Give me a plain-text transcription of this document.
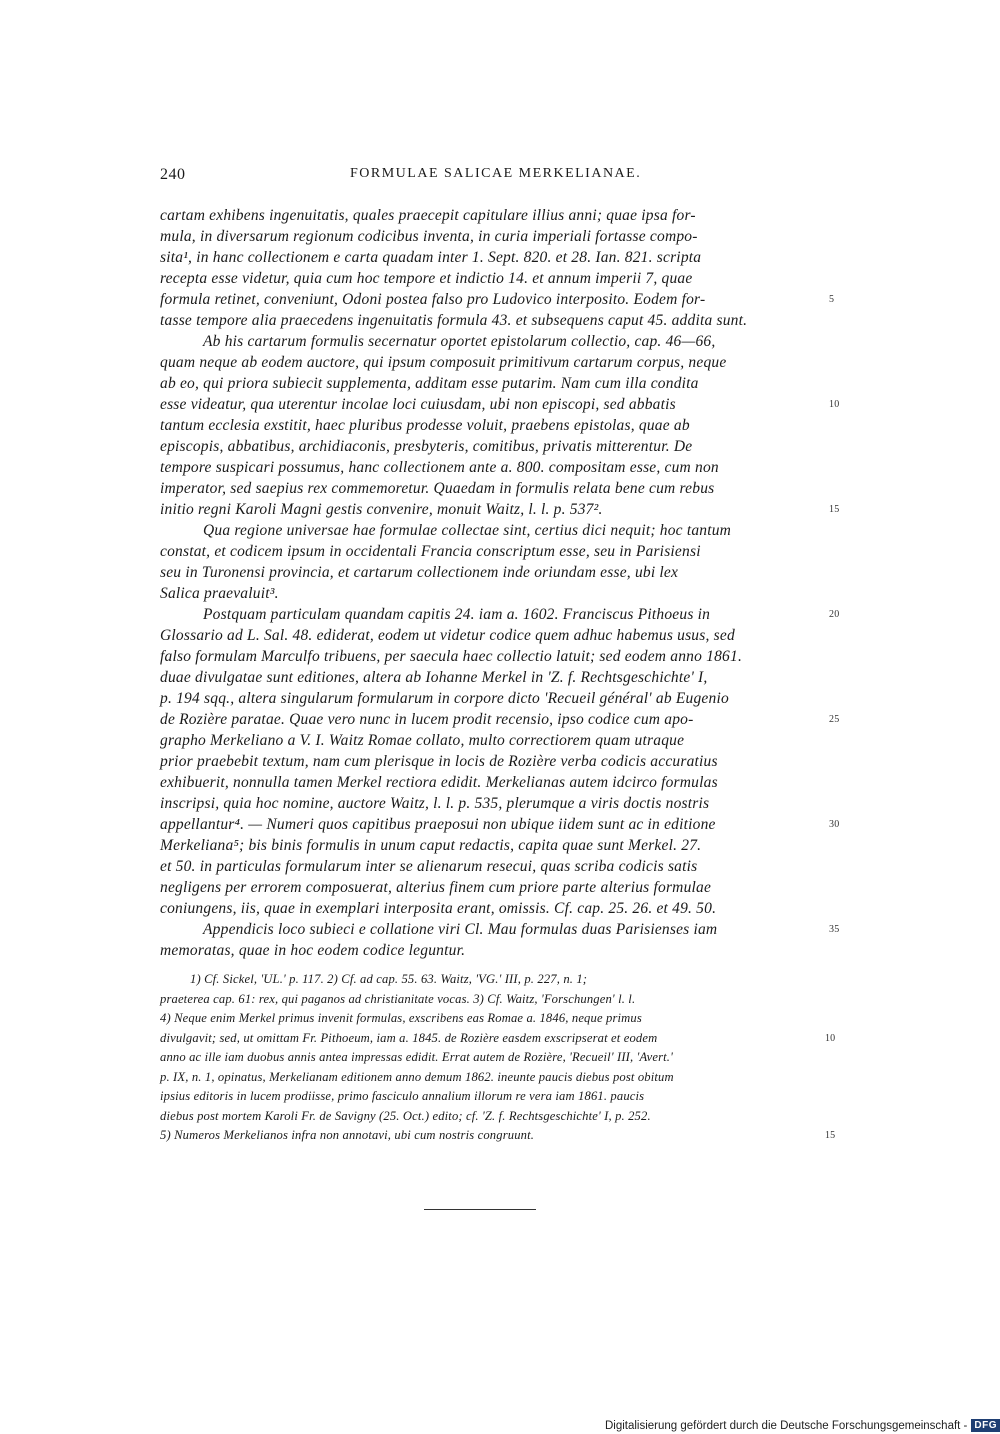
240	FORMULAE SALICAE MERKELIANAE.
cartam exhibens ingenuitatis, quales praecepit capitulare illius anni; quae ipsa for-
mula, in diversarum regionum codicibus inventa, in curia imperiali fortasse compo-
sita¹, in hanc collectionem e carta quadam inter 1. Sept. 820. et 28. Ian. 821. scripta
recepta esse videtur, quia cum hoc tempore et indictio 14. et annum imperii 7, quae
formula retinet, conveniunt, Odoni postea falso pro Ludovico interposito. Eodem for-	5
tasse tempore alia praecedens ingenuitatis formula 43. et subsequens caput 45. addita sunt.
Ab his cartarum formulis secernatur oportet epistolarum collectio, cap. 46—66,
quam neque ab eodem auctore, qui ipsum composuit primitivum cartarum corpus, neque
ab eo, qui priora subiecit supplementa, additam esse putarim. Nam cum illa condita
esse videatur, qua uterentur incolae loci cuiusdam, ubi non episcopi, sed abbatis	10
tantum ecclesia exstitit, haec pluribus prodesse voluit, praebens epistolas, quae ab
episcopis, abbatibus, archidiaconis, presbyteris, comitibus, privatis mitterentur. De
tempore suspicari possumus, hanc collectionem ante a. 800. compositam esse, cum non
imperator, sed saepius rex commemoretur. Quaedam in formulis relata bene cum rebus
initio regni Karoli Magni gestis convenire, monuit Waitz, l. l. p. 537².	15
Qua regione universae hae formulae collectae sint, certius dici nequit; hoc tantum
constat, et codicem ipsum in occidentali Francia conscriptum esse, seu in Parisiensi
seu in Turonensi provincia, et cartarum collectionem inde oriundam esse, ubi lex
Salica praevaluit³.
Postquam particulam quandam capitis 24. iam a. 1602. Franciscus Pithoeus in	20
Glossario ad L. Sal. 48. ediderat, eodem ut videtur codice quem adhuc habemus usus, sed
falso formulam Marculfo tribuens, per saecula haec collectio latuit; sed eodem anno 1861.
duae divulgatae sunt editiones, altera ab Iohanne Merkel in 'Z. f. Rechtsgeschichte' I,
p. 194 sqq., altera singularum formularum in corpore dicto 'Recueil général' ab Eugenio
de Rozière paratae. Quae vero nunc in lucem prodit recensio, ipso codice cum apo-	25
grapho Merkeliano a V. I. Waitz Romae collato, multo correctiorem quam utraque
prior praebebit textum, nam cum plerisque in locis de Rozière verba codicis accuratius
exhibuerit, nonnulla tamen Merkel rectiora edidit. Merkelianas autem idcirco formulas
inscripsi, quia hoc nomine, auctore Waitz, l. l. p. 535, plerumque a viris doctis nostris
appellantur⁴. — Numeri quos capitibus praeposui non ubique iidem sunt ac in editione	30
Merkeliana⁵; bis binis formulis in unum caput redactis, capita quae sunt Merkel. 27.
et 50. in particulas formularum inter se alienarum resecui, quas scriba codicis satis
negligens per errorem composuerat, alterius finem cum priore parte alterius formulae
coniungens, iis, quae in exemplari interposita erant, omissis. Cf. cap. 25. 26. et 49. 50.
Appendicis loco subieci e collatione viri Cl. Mau formulas duas Parisienses iam	35
memoratas, quae in hoc eodem codice leguntur.
1) Cf. Sickel, 'UL.' p. 117. 2) Cf. ad cap. 55. 63. Waitz, 'VG.' III, p. 227, n. 1;
praeterea cap. 61: rex, qui paganos ad christianitate vocas. 3) Cf. Waitz, 'Forschungen' l. l.
4) Neque enim Merkel primus invenit formulas, exscribens eas Romae a. 1846, neque primus
divulgavit; sed, ut omittam Fr. Pithoeum, iam a. 1845. de Rozière easdem exscripserat et eodem	10
anno ac ille iam duobus annis antea impressas edidit. Errat autem de Rozière, 'Recueil' III, 'Avert.'
p. IX, n. 1, opinatus, Merkelianam editionem anno demum 1862. ineunte paucis diebus post obitum
ipsius editoris in lucem prodiisse, primo fasciculo annalium illorum re vera iam 1861. paucis
diebus post mortem Karoli Fr. de Savigny (25. Oct.) edito; cf. 'Z. f. Rechtsgeschichte' I, p. 252.
5) Numeros Merkelianos infra non annotavi, ubi cum nostris congruunt.	15
Digitalisierung gefördert durch die Deutsche Forschungsgemeinschaft - DFG
